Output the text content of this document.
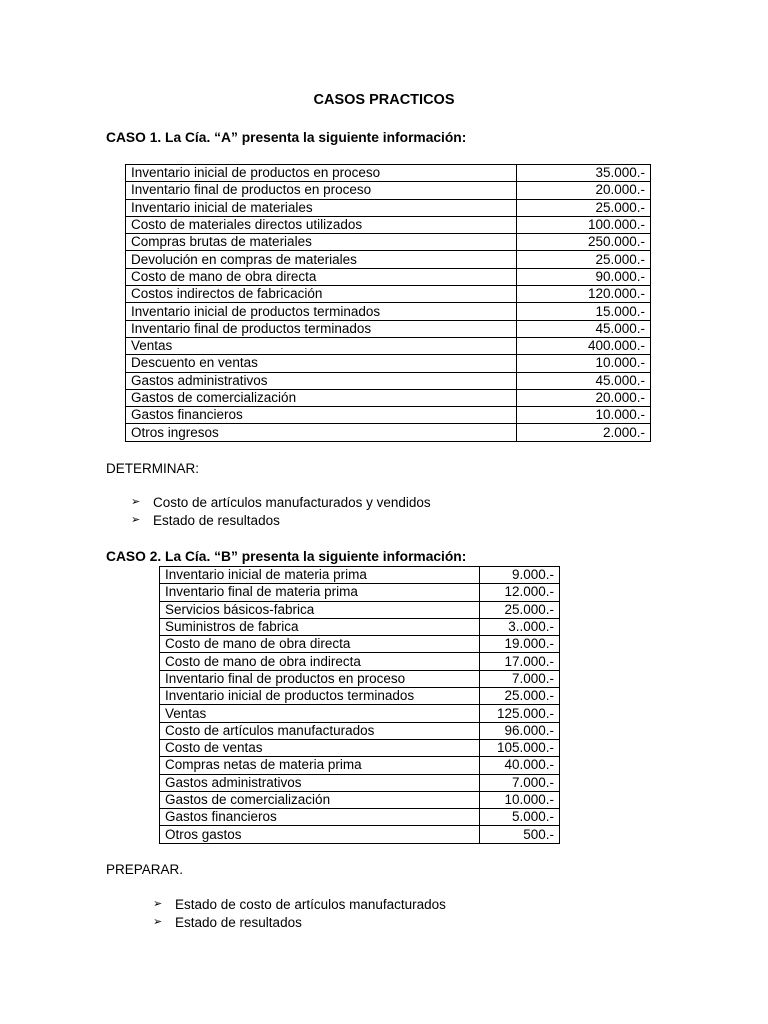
CASOS PRACTICOS
CASO 1. La Cía. “A” presenta la siguiente información:
Inventario inicial de productos en proceso	35.000.-
Inventario final de productos en proceso	20.000.-
Inventario inicial de materiales	25.000.-
Costo de materiales directos utilizados	100.000.-
Compras brutas de materiales	250.000.-
Devolución en compras de materiales	25.000.-
Costo de mano de obra directa	90.000.-
Costos indirectos de fabricación	120.000.-
Inventario inicial de productos terminados	15.000.-
Inventario final de productos terminados	45.000.-
Ventas	400.000.-
Descuento en ventas	10.000.-
Gastos administrativos	45.000.-
Gastos de comercialización	20.000.-
Gastos financieros	10.000.-
Otros ingresos	2.000.-
DETERMINAR:
➢ Costo de artículos manufacturados y vendidos
➢ Estado de resultados
CASO 2. La Cía. “B” presenta la siguiente información:
Inventario inicial de materia prima	9.000.-
Inventario final de materia prima	12.000.-
Servicios básicos-fabrica	25.000.-
Suministros de fabrica	3..000.-
Costo de mano de obra directa	19.000.-
Costo de mano de obra indirecta	17.000.-
Inventario final de productos en proceso	7.000.-
Inventario inicial de productos terminados	25.000.-
Ventas	125.000.-
Costo de artículos manufacturados	96.000.-
Costo de ventas	105.000.-
Compras netas de materia prima	40.000.-
Gastos administrativos	7.000.-
Gastos de comercialización	10.000.-
Gastos financieros	5.000.-
Otros gastos	500.-
PREPARAR.
➢ Estado de costo de artículos manufacturados
➢ Estado de resultados
